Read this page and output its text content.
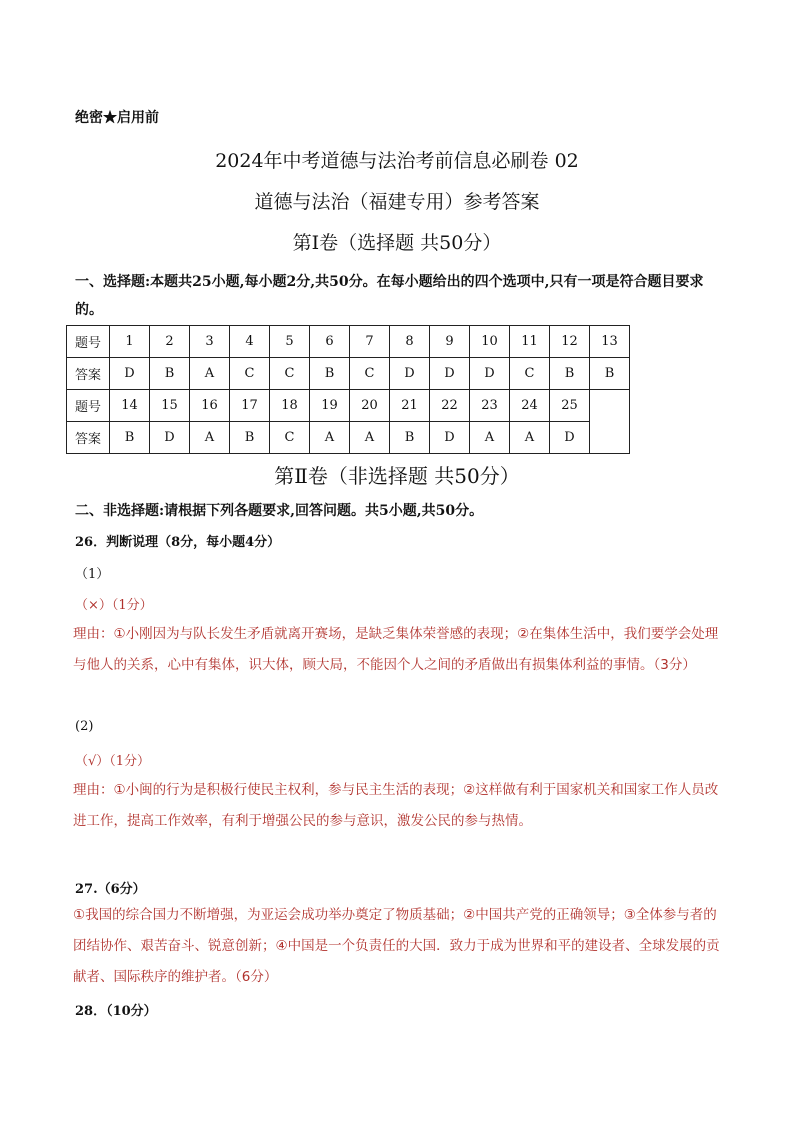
绝密★启用前
2024年中考道德与法治考前信息必刷卷 02
道德与法治（福建专用）参考答案
第Ⅰ卷（选择题 共50分）
一、选择题:本题共25小题,每小题2分,共50分。在每小题给出的四个选项中,只有一项是符合题目要求的。
题号	1	2	3	4	5	6	7	8	9	10	11	12	13
答案	D	B	A	C	C	B	C	D	D	D	C	B	B
题号	14	15	16	17	18	19	20	21	22	23	24	25	
答案	B	D	A	B	C	A	A	B	D	A	A	D	
第Ⅱ卷（非选择题 共50分）
二、非选择题:请根据下列各题要求,回答问题。共5小题,共50分。
26．判断说理（8分，每小题4分）
（1）
（×）（1分）
理由：①小刚因为与队长发生矛盾就离开赛场，是缺乏集体荣誉感的表现；②在集体生活中，我们要学会处理与他人的关系，心中有集体，识大体，顾大局，不能因个人之间的矛盾做出有损集体利益的事情。（3分）
(2)
（√）（1分）
理由：①小闽的行为是积极行使民主权利，参与民主生活的表现；②这样做有利于国家机关和国家工作人员改进工作，提高工作效率，有利于增强公民的参与意识，激发公民的参与热情。
27.（6分）
①我国的综合国力不断增强，为亚运会成功举办奠定了物质基础；②中国共产党的正确领导；③全体参与者的团结协作、艰苦奋斗、锐意创新；④中国是一个负责任的大国．致力于成为世界和平的建设者、全球发展的贡献者、国际秩序的维护者。（6分）
28．（10分）
